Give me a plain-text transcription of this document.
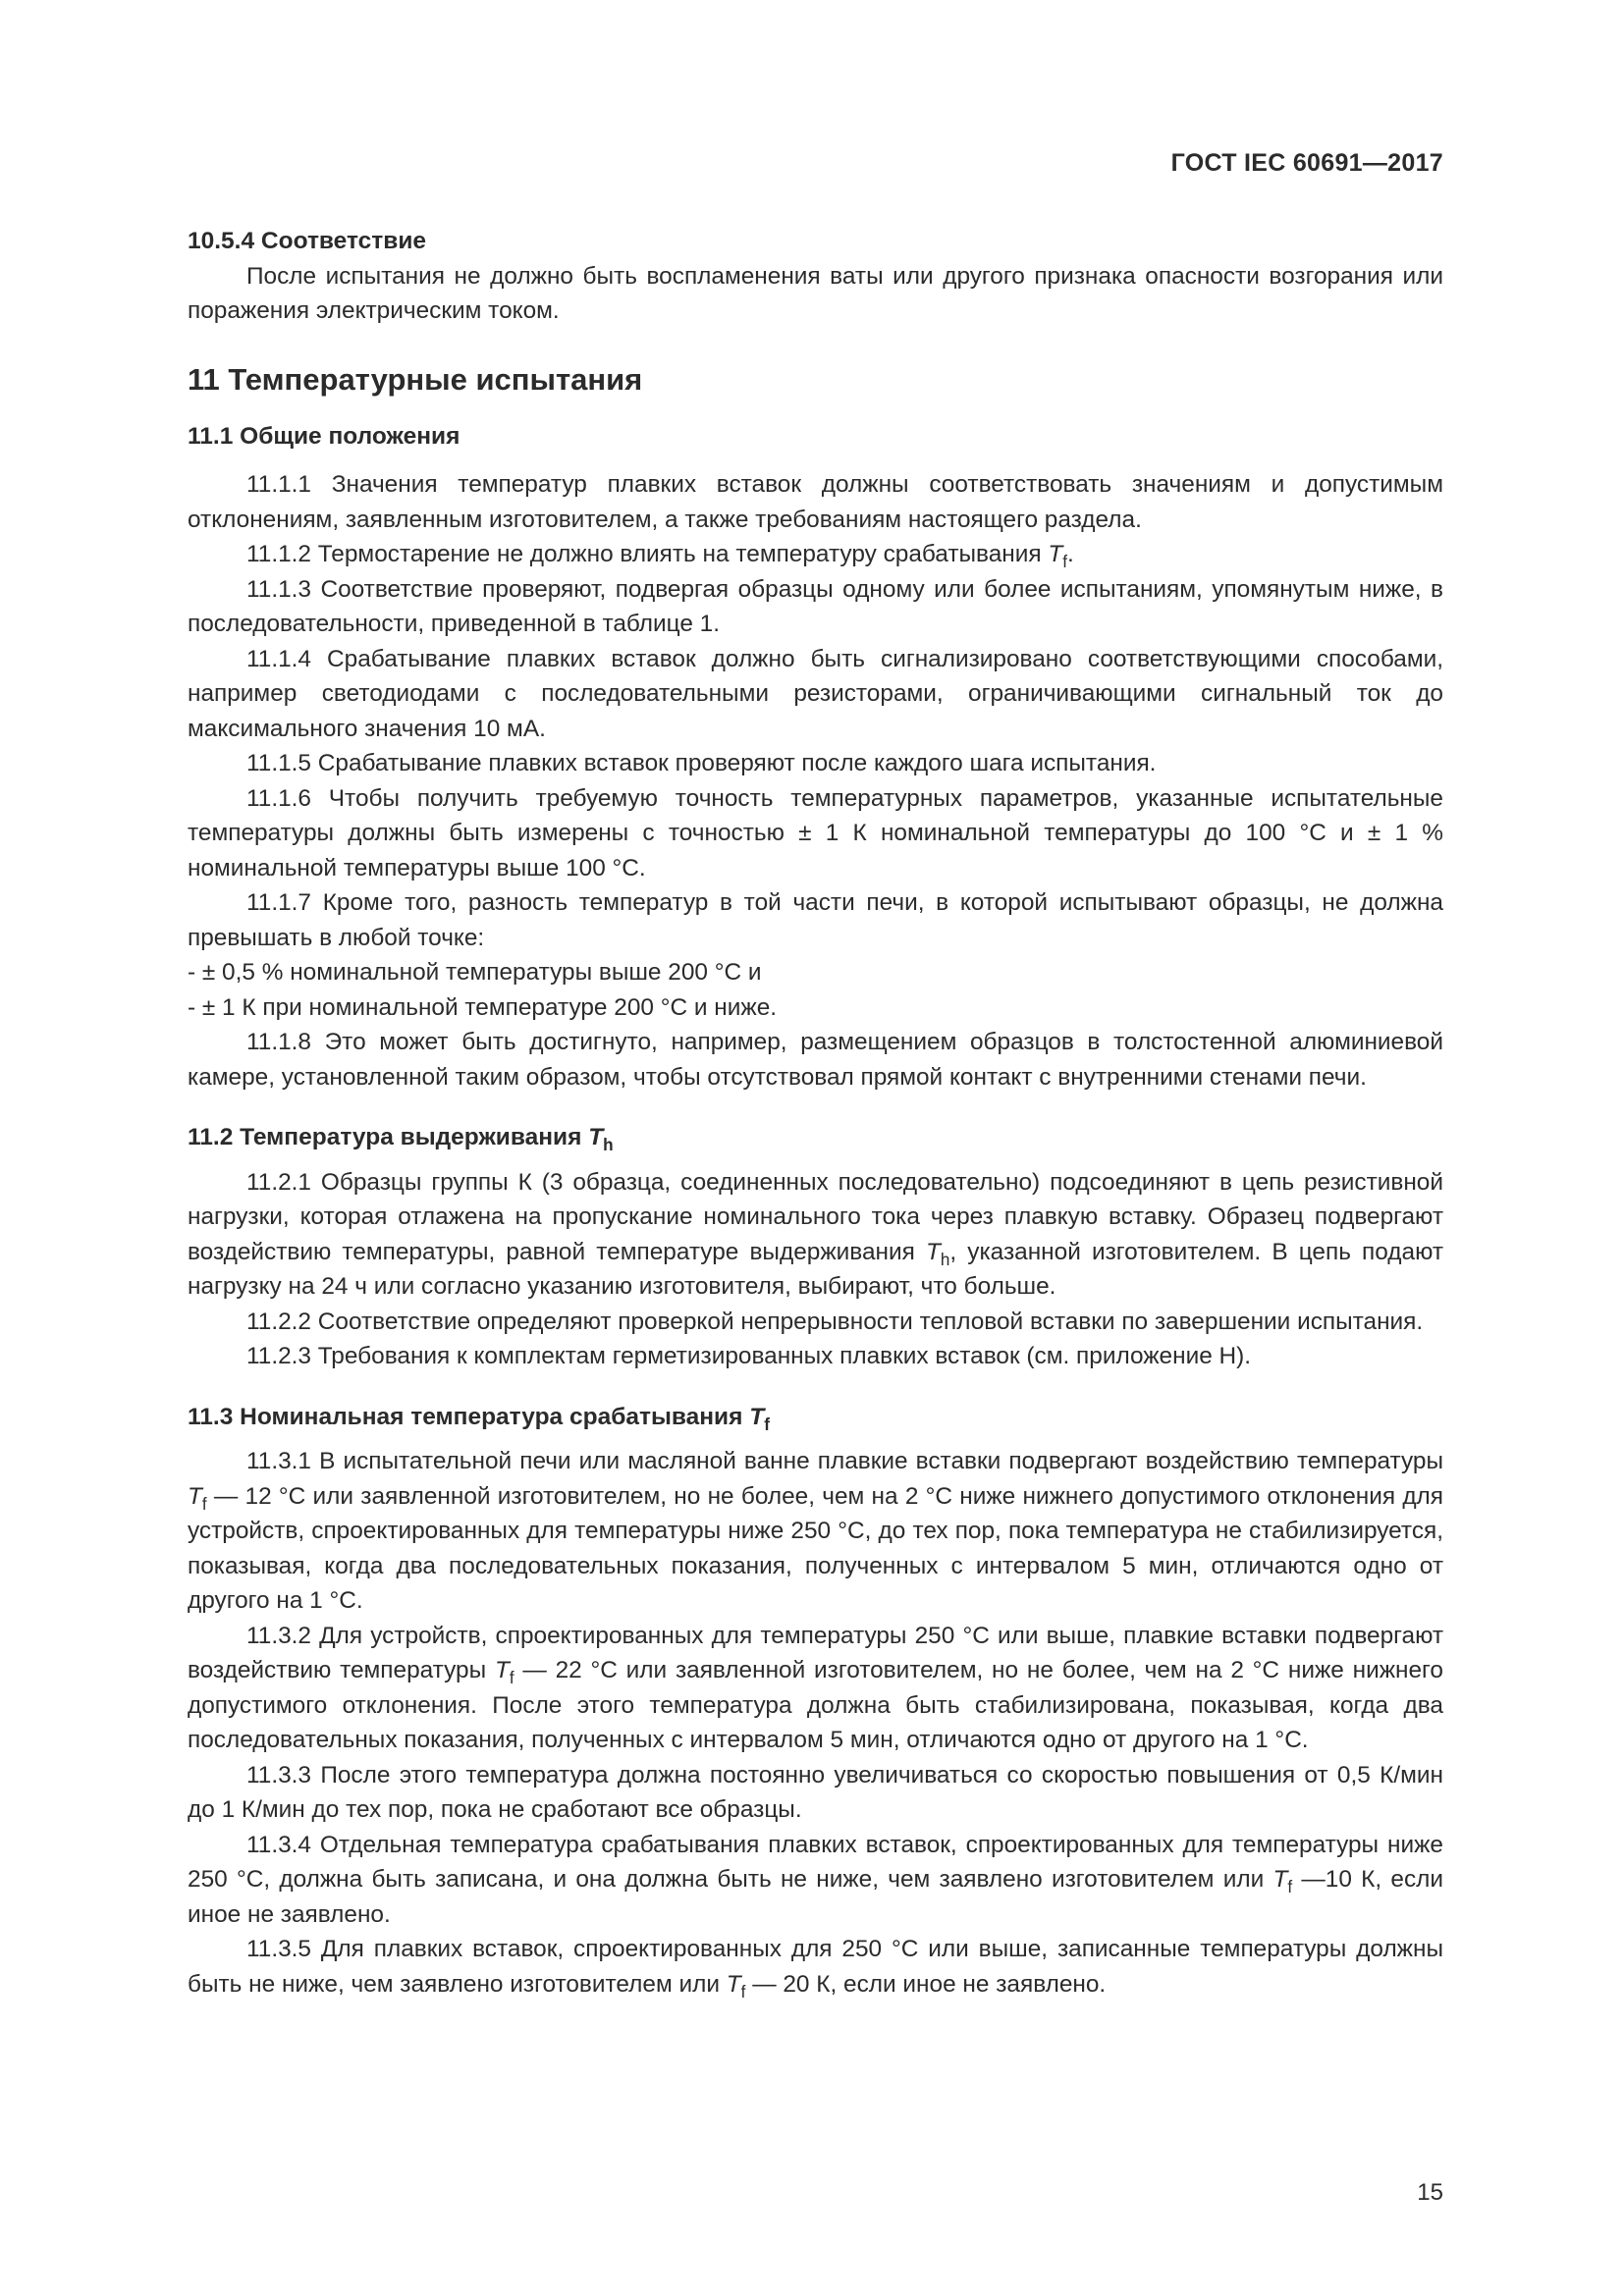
ГОСТ IEC 60691—2017
10.5.4 Соответствие

После испытания не должно быть воспламенения ваты или другого признака опасности возгорания или поражения электрическим током.

11 Температурные испытания
11.1 Общие положения

11.1.1 Значения температур плавких вставок должны соответствовать значениям и допустимым отклонениям, заявленным изготовителем, а также требованиям настоящего раздела.

11.1.2 Термостарение не должно влиять на температуру срабатывания $T_f$.

11.1.3 Соответствие проверяют, подвергая образцы одному или более испытаниям, упомянутым ниже, в последовательности, приведенной в таблице 1.

11.1.4 Срабатывание плавких вставок должно быть сигнализировано соответствующими способами, например светодиодами с последовательными резисторами, ограничивающими сигнальный ток до максимального значения 10 мА.

11.1.5 Срабатывание плавких вставок проверяют после каждого шага испытания.

11.1.6 Чтобы получить требуемую точность температурных параметров, указанные испытательные температуры должны быть измерены с точностью ± 1 К номинальной температуры до 100 °С и ± 1 % номинальной температуры выше 100 °С.

11.1.7 Кроме того, разность температур в той части печи, в которой испытывают образцы, не должна превышать в любой точке:

- ± 0,5 % номинальной температуры выше 200 °С и

- ± 1 К при номинальной температуре 200 °С и ниже.

11.1.8 Это может быть достигнуто, например, размещением образцов в толстостенной алюминиевой камере, установленной таким образом, чтобы отсутствовал прямой контакт с внутренними стенами печи.

11.2 Температура выдерживания $T_h$

11.2.1 Образцы группы К (3 образца, соединенных последовательно) подсоединяют в цепь резистивной нагрузки, которая отлажена на пропускание номинального тока через плавкую вставку. Образец подвергают воздействию температуры, равной температуре выдерживания $T_h$, указанной изготовителем. В цепь подают нагрузку на 24 ч или согласно указанию изготовителя, выбирают, что больше.

11.2.2 Соответствие определяют проверкой непрерывности тепловой вставки по завершении испытания.

11.2.3 Требования к комплектам герметизированных плавких вставок (см. приложение Н).

11.3 Номинальная температура срабатывания $T_f$

11.3.1 В испытательной печи или масляной ванне плавкие вставки подвергают воздействию температуры $T_f$ — 12 °С или заявленной изготовителем, но не более, чем на 2 °С ниже нижнего допустимого отклонения для устройств, спроектированных для температуры ниже 250 °С, до тех пор, пока температура не стабилизируется, показывая, когда два последовательных показания, полученных с интервалом 5 мин, отличаются одно от другого на 1 °С.

11.3.2 Для устройств, спроектированных для температуры 250 °С или выше, плавкие вставки подвергают воздействию температуры $T_f$ — 22 °С или заявленной изготовителем, но не более, чем на 2 °С ниже нижнего допустимого отклонения. После этого температура должна быть стабилизирована, показывая, когда два последовательных показания, полученных с интервалом 5 мин, отличаются одно от другого на 1 °С.

11.3.3 После этого температура должна постоянно увеличиваться со скоростью повышения от 0,5 К/мин до 1 К/мин до тех пор, пока не сработают все образцы.

11.3.4 Отдельная температура срабатывания плавких вставок, спроектированных для температуры ниже 250 °С, должна быть записана, и она должна быть не ниже, чем заявлено изготовителем или $T_f$ —10 К, если иное не заявлено.

11.3.5 Для плавких вставок, спроектированных для 250 °С или выше, записанные температуры должны быть не ниже, чем заявлено изготовителем или $T_f$ — 20 К, если иное не заявлено.

15
